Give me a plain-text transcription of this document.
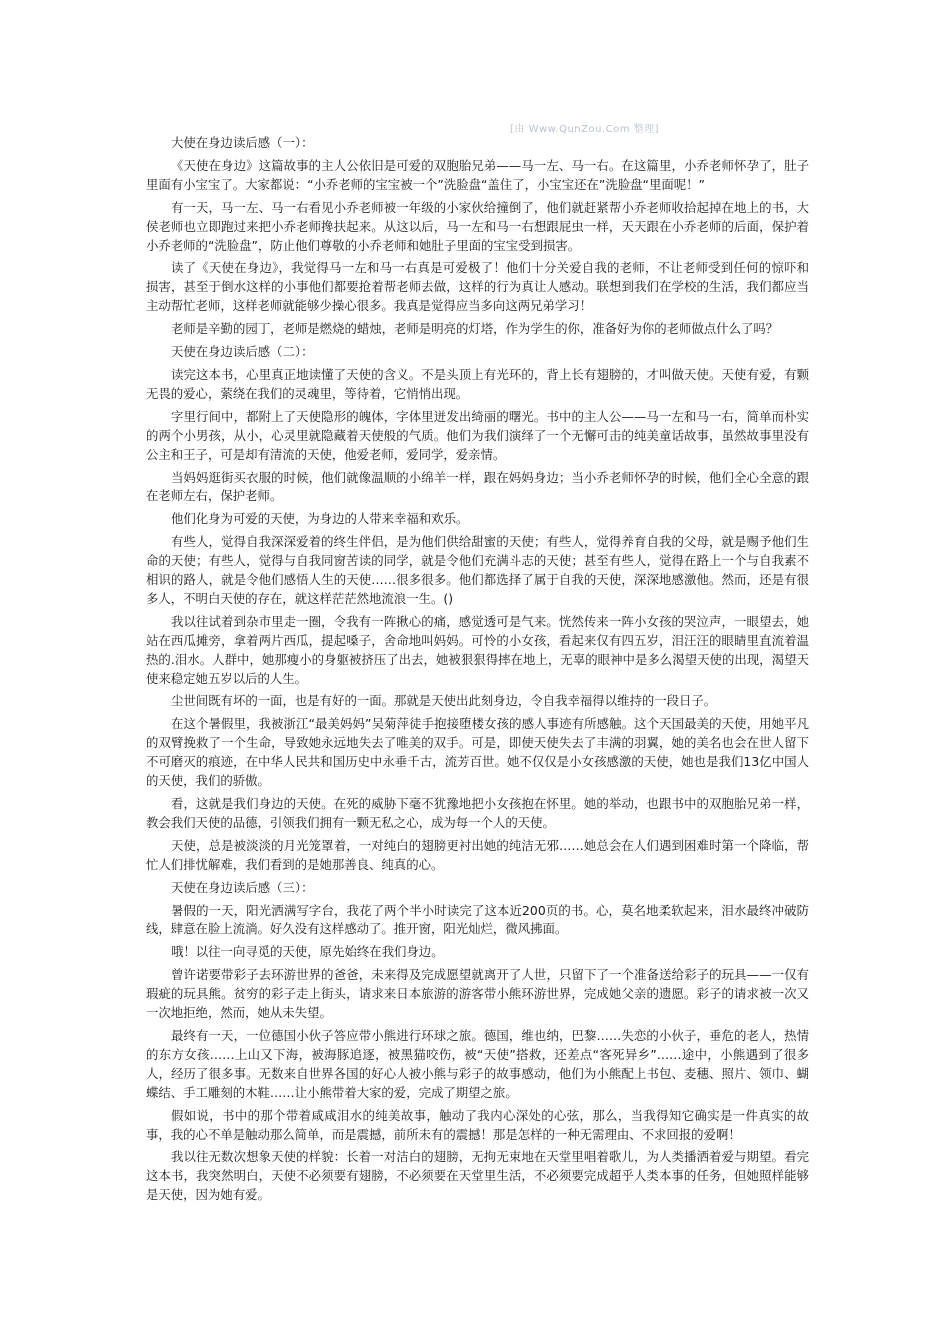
[由 Www.QunZou.Com 整理]

大使在身边读后感（一）：

《天使在身边》这篇故事的主人公依旧是可爱的双胞胎兄弟——马一左、马一右。在这篇里，小乔老师怀孕了，肚子里面有小宝宝了。大家都说：“小乔老师的宝宝被一个”洗脸盘“盖住了，小宝宝还在”洗脸盘“里面呢！”

有一天，马一左、马一右看见小乔老师被一年级的小家伙给撞倒了，他们就赶紧帮小乔老师收拾起掉在地上的书，大侯老师也立即跑过来把小乔老师搀扶起来。从这以后，马一左和马一右想跟屁虫一样，天天跟在小乔老师的后面，保护着小乔老师的“洗脸盘”，防止他们尊敬的小乔老师和她肚子里面的宝宝受到损害。

读了《天使在身边》，我觉得马一左和马一右真是可爱极了！他们十分关爱自我的老师，不让老师受到任何的惊吓和损害，甚至于倒水这样的小事他们都要抢着帮老师去做，这样的行为真让人感动。联想到我们在学校的生活，我们都应当主动帮忙老师，这样老师就能够少操心很多。我真是觉得应当多向这两兄弟学习！

老师是辛勤的园丁，老师是燃烧的蜡烛，老师是明亮的灯塔，作为学生的你，准备好为你的老师做点什么了吗？

天使在身边读后感（二）：

读完这本书，心里真正地读懂了天使的含义。不是头顶上有光环的，背上长有翅膀的，才叫做天使。天使有爱，有颗无畏的爱心，萦绕在我们的灵魂里，等待着，它悄悄出现。

字里行间中，都附上了天使隐形的魄体，字体里迸发出绮丽的曙光。书中的主人公——马一左和马一右，简单而朴实的两个小男孩，从小，心灵里就隐藏着天使般的气质。他们为我们演绎了一个无懈可击的纯美童话故事，虽然故事里没有公主和王子，可是却有清流的天使，他爱老师，爱同学，爱亲情。

当妈妈逛街买衣服的时候，他们就像温顺的小绵羊一样，跟在妈妈身边；当小乔老师怀孕的时候，他们全心全意的跟在老师左右，保护老师。

他们化身为可爱的天使，为身边的人带来幸福和欢乐。

有些人，觉得自我深深爱着的终生伴侣，是为他们供给甜蜜的天使；有些人，觉得养育自我的父母，就是赐予他们生命的天使；有些人，觉得与自我同窗苦读的同学，就是令他们充满斗志的天使；甚至有些人，觉得在路上一个与自我素不相识的路人，就是令他们感悟人生的天使……很多很多。他们都选择了属于自我的天使，深深地感激他。然而，还是有很多人，不明白天使的存在，就这样茫茫然地流浪一生。()

我以往试着到杂市里走一圈，令我有一阵揪心的痛，感觉透可是气来。恍然传来一阵小女孩的哭泣声，一眼望去，她站在西瓜摊旁，拿着两片西瓜，提起嗓子，舍命地叫妈妈。可怜的小女孩，看起来仅有四五岁，泪汪汪的眼睛里直流着温热的.泪水。人群中，她那瘦小的身躯被挤压了出去，她被狠狠得摔在地上，无辜的眼神中是多么渴望天使的出现，渴望天使来稳定她五岁以后的人生。

尘世间既有坏的一面，也是有好的一面。那就是天使出此刻身边，令自我幸福得以维持的一段日子。

在这个暑假里，我被浙江“最美妈妈”吴菊萍徒手抱接堕楼女孩的感人事迹有所感触。这个天国最美的天使，用她平凡的双臂挽救了一个生命，导致她永远地失去了唯美的双手。可是，即使天使失去了丰满的羽翼，她的美名也会在世人留下不可磨灭的痕迹，在中华人民共和国历史中永垂千古，流芳百世。她不仅仅是小女孩感激的天使，她也是我们13亿中国人的天使，我们的骄傲。

看，这就是我们身边的天使。在死的威胁下毫不犹豫地把小女孩抱在怀里。她的举动，也跟书中的双胞胎兄弟一样，教会我们天使的品德，引领我们拥有一颗无私之心，成为每一个人的天使。

天使，总是被淡淡的月光笼罩着，一对纯白的翅膀更衬出她的纯洁无邪……她总会在人们遇到困难时第一个降临，帮忙人们排忧解难，我们看到的是她那善良、纯真的心。

天使在身边读后感（三）：

暑假的一天，阳光洒满写字台，我花了两个半小时读完了这本近200页的书。心，莫名地柔软起来，泪水最终冲破防线，肆意在脸上流淌。好久没有这样感动了。推开窗，阳光灿烂，微风拂面。

哦！以往一向寻觅的天使，原先始终在我们身边。

曾许诺要带彩子去环游世界的爸爸，未来得及完成愿望就离开了人世，只留下了一个准备送给彩子的玩具——一仅有瑕疵的玩具熊。贫穷的彩子走上街头，请求来日本旅游的游客带小熊环游世界，完成她父亲的遗愿。彩子的请求被一次又一次地拒绝，然而，她从未失望。

最终有一天，一位德国小伙子答应带小熊进行环球之旅。德国，维也纳，巴黎……失恋的小伙子，垂危的老人，热情的东方女孩……上山又下海，被海豚追逐，被黑猫咬伤，被“天使”搭救，还差点“客死异乡”……途中，小熊遇到了很多人，经历了很多事。无数来自世界各国的好心人被小熊与彩子的故事感动，他们为小熊配上书包、麦穗、照片、领巾、蝴蝶结、手工雕刻的木鞋……让小熊带着大家的爱，完成了期望之旅。

假如说，书中的那个带着咸咸泪水的纯美故事，触动了我内心深处的心弦，那么，当我得知它确实是一件真实的故事，我的心不单是触动那么简单，而是震撼，前所未有的震撼！那是怎样的一种无需理由、不求回报的爱啊！

我以往无数次想象天使的样貌：长着一对洁白的翅膀，无拘无束地在天堂里唱着歌儿，为人类播洒着爱与期望。看完这本书，我突然明白，天使不必须要有翅膀，不必须要在天堂里生活，不必须要完成超乎人类本事的任务，但她照样能够是天使，因为她有爱。
